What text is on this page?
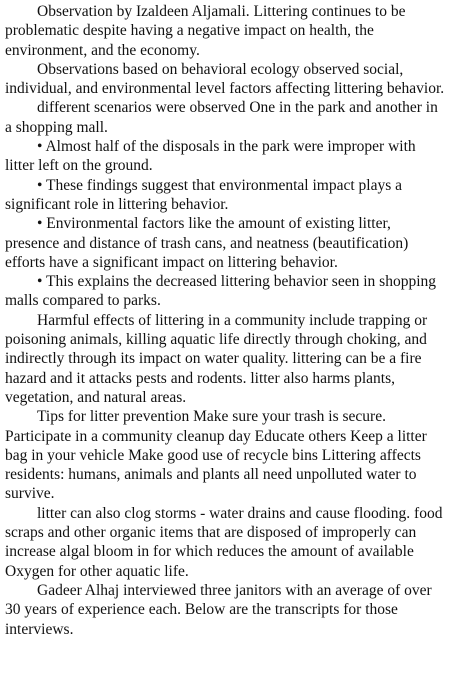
Observation by Izaldeen Aljamali. Littering continues to be problematic despite having a negative impact on health, the environment, and the economy.

Observations based on behavioral ecology observed social, individual, and environmental level factors affecting littering behavior.

different scenarios were observed One in the park and another in a shopping mall.

• Almost half of the disposals in the park were improper with litter left on the ground.

• These findings suggest that environmental impact plays a significant role in littering behavior.

• Environmental factors like the amount of existing litter, presence and distance of trash cans, and neatness (beautification) efforts have a significant impact on littering behavior.

• This explains the decreased littering behavior seen in shopping malls compared to parks.

Harmful effects of littering in a community include trapping or poisoning animals, killing aquatic life directly through choking, and indirectly through its impact on water quality. littering can be a fire hazard and it attacks pests and rodents. litter also harms plants, vegetation, and natural areas.

Tips for litter prevention Make sure your trash is secure. Participate in a community cleanup day Educate others Keep a litter bag in your vehicle Make good use of recycle bins Littering affects residents: humans, animals and plants all need unpolluted water to survive.

litter can also clog storms - water drains and cause flooding. food scraps and other organic items that are disposed of improperly can increase algal bloom in for which reduces the amount of available Oxygen for other aquatic life.

Gadeer Alhaj interviewed three janitors with an average of over 30 years of experience each. Below are the transcripts for those interviews.
